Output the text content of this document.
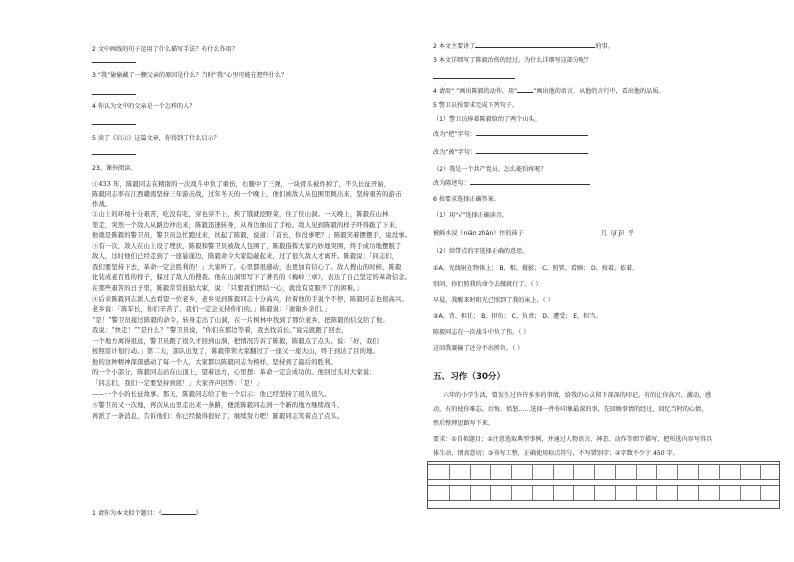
2 文中画线的句子运用了什么描写手法？有什么作用？
3 “我”偷偷藏了一颗父亲的原因是什么？当时“我”心里可能在想些什么？
4 你认为文中的父亲是一个怎样的人？
5 读了《启示》这篇文章，你得到了什么启示？
23、课外阅读。
①433 年，陈毅同志在精南的一次战斗中负了重伤，右腿中了三弹，一块骨头被炸掉了，不久长征开始，
陈毅同志率在江西赣南坚持三年游击战，过年冬天的一个晚上，他们被敌人从包围里跳出来，坚持艰苦的游击
作战。
②山上的环境十分艰苦，吃没有吃，穿也穿不上，挨了饿就挖野菜，住了住山洞。一天晚上，陈毅在山林
里走，突然一个敌人从路边冲出来，陈毅迅速转身，从身边抽出了手枪。敌人见到陈毅的样子吓得跪了下来，
他就是陈毅的警卫员，警卫员急忙跑过来，扶起了陈毅，说道：「首长，你没事吧？」陈毅笑着摆摆手，说没事。
③有一次，敌人在山上设了埋伏，陈毅和警卫员被敌人包围了，陈毅指挥大家巧妙地突围，终于成功地摆脱了
敌人，这时他们已经走到了一座悬崖边，陈毅命令大家隐蔽起来，过了很久敌人才离开。陈毅说：「同志们，
我们要坚持下去，革命一定会胜利的！」大家听了，心里都很感动，也更加有信心了。敌人搜山的时候，陈毅
化装成老百姓的样子，躲过了敌人的搜查。他在山洞里写下了著名的《梅岭三章》，表达了自己坚定的革命信念。
在那些艰苦的日子里，陈毅常常鼓励大家，说：「只要我们团结一心，就没有克服不了的困难。」
④后来陈毅同志派人去看望一位老乡，老乡见到陈毅同志十分高兴，拉着他的手说个不停，陈毅同志也很高兴。
老乡说：「陈军长，你们辛苦了，我们一定会支持你们的。」陈毅说：「谢谢乡亲们。」
“是！”警卫员接过陈毅的命令，转身走出了山洞，在一片树林中找到了那位老乡，把陈毅的信交给了他。
我说：“快走！”“是什么？”警卫员说，“你们在那边等着，我去找首长。”说完就跑了回去，
一个地方离得很远，警卫员跑了很久才回到山洞，把情况告诉了陈毅，陈毅点了点头，说：「好，我们
按照原计划行动。」第二天，部队出发了，陈毅带领大家翻过了一座又一座大山，终于到达了目的地。
他的这种精神深深感动了每一个人，大家都以陈毅同志为榜样，坚持到了最后的胜利。
的一个小部分，陈毅同志站在山顶上，望着远方，心里想：革命一定会成功的。他回过头对大家说：
「同志们，我们一定要坚持到底！」大家齐声回答：「是！」
——一个小的长征故事。那天，陈毅同志给了他一个启示：他已经坚持了很久很久。
⑤警卫员又一次地，再次从山里走出来一条路，便派陈毅同志到一个新的地方继续战斗，
再派了一条消息，告诉他们：你已经做得很好了，继续努力吧！陈毅同志笑着点了点头。
1 请你为本文拟个题目：《	》
2 本文主要讲了	的事。
3 本文详细写了陈毅治伤的经过，为什么详细写这部分呢？
4 请用“ ”画出陈毅的动作，用“	”画出他的语言，从他的言行中，看出他的品质。
5 警卫员按要求完成下列句子。
（1）警卫员捧着陈毅给的了两个山头。
改为“把”字句：
改为“被”字句：
（2）我是一个共产党员，怎么能怕疼呢？
改为陈述句：
6 按要求选择正确答案。
（1）用“√”选择正确读音。
被鲜水浸（nián zhān）住的袜子	几（jǐ jī）乎
（2）给带点的字选择正确的意思。
①A、光线射在物体上； B、相、摄影； C、照管、看顾； D、按着、依着。
别问，你们照我的命令去做就行了。（ ）
早晨，我醒来时阳光已照到了我的床上。（ ）
②A、背、担任； B、担负； C、负责； D、遭受； E、担当。
陈毅同志在一次战斗中负了伤。（ ）
这回我赛输了还分不出胜负。（ ）
五、习作（30分）
六年的小学生活，曾发生过许许多多的事情，给我的心灵留下深深的印记。有的让你高兴、激动、感
动，有的使你难忘、后悔、愤怒……选择一件你印象最深的事，先回顾事情的经过，回忆当时的心情，
然后整理思路写下来。
要求：①自拟题目；②注意选取典型事例，并通过人物语言、神态、动作等细节描写，把所选内容写得具
体生动、情真意切；③书写工整，正确使用标点符号，不写错别字；④字数不少于 450 字。
